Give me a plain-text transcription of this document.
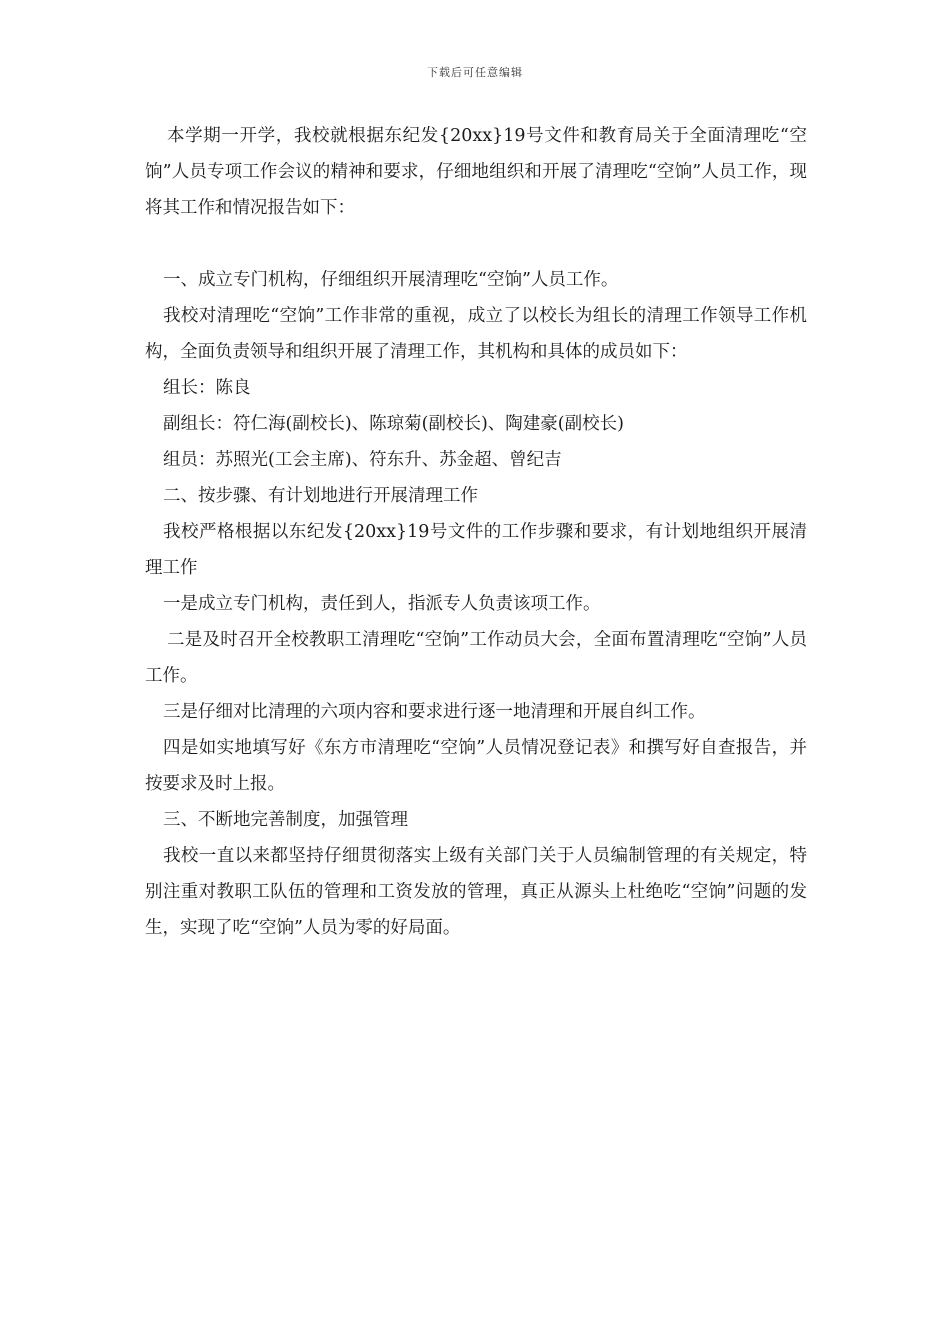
下载后可任意编辑

本学期一开学，我校就根据东纪发{20xx}19号文件和教育局关于全面清理吃“空饷”人员专项工作会议的精神和要求，仔细地组织和开展了清理吃“空饷”人员工作，现将其工作和情况报告如下：

一、成立专门机构，仔细组织开展清理吃“空饷”人员工作。

我校对清理吃“空饷”工作非常的重视，成立了以校长为组长的清理工作领导工作机构，全面负责领导和组织开展了清理工作，其机构和具体的成员如下：

组长：陈良

副组长：符仁海(副校长)、陈琼菊(副校长)、陶建豪(副校长)

组员：苏照光(工会主席)、符东升、苏金超、曾纪吉

二、按步骤、有计划地进行开展清理工作

我校严格根据以东纪发{20xx}19号文件的工作步骤和要求，有计划地组织开展清理工作

一是成立专门机构，责任到人，指派专人负责该项工作。

二是及时召开全校教职工清理吃“空饷”工作动员大会，全面布置清理吃“空饷”人员工作。

三是仔细对比清理的六项内容和要求进行逐一地清理和开展自纠工作。

四是如实地填写好《东方市清理吃“空饷”人员情况登记表》和撰写好自查报告，并按要求及时上报。

三、不断地完善制度，加强管理

我校一直以来都坚持仔细贯彻落实上级有关部门关于人员编制管理的有关规定，特别注重对教职工队伍的管理和工资发放的管理，真正从源头上杜绝吃“空饷”问题的发生，实现了吃“空饷”人员为零的好局面。
